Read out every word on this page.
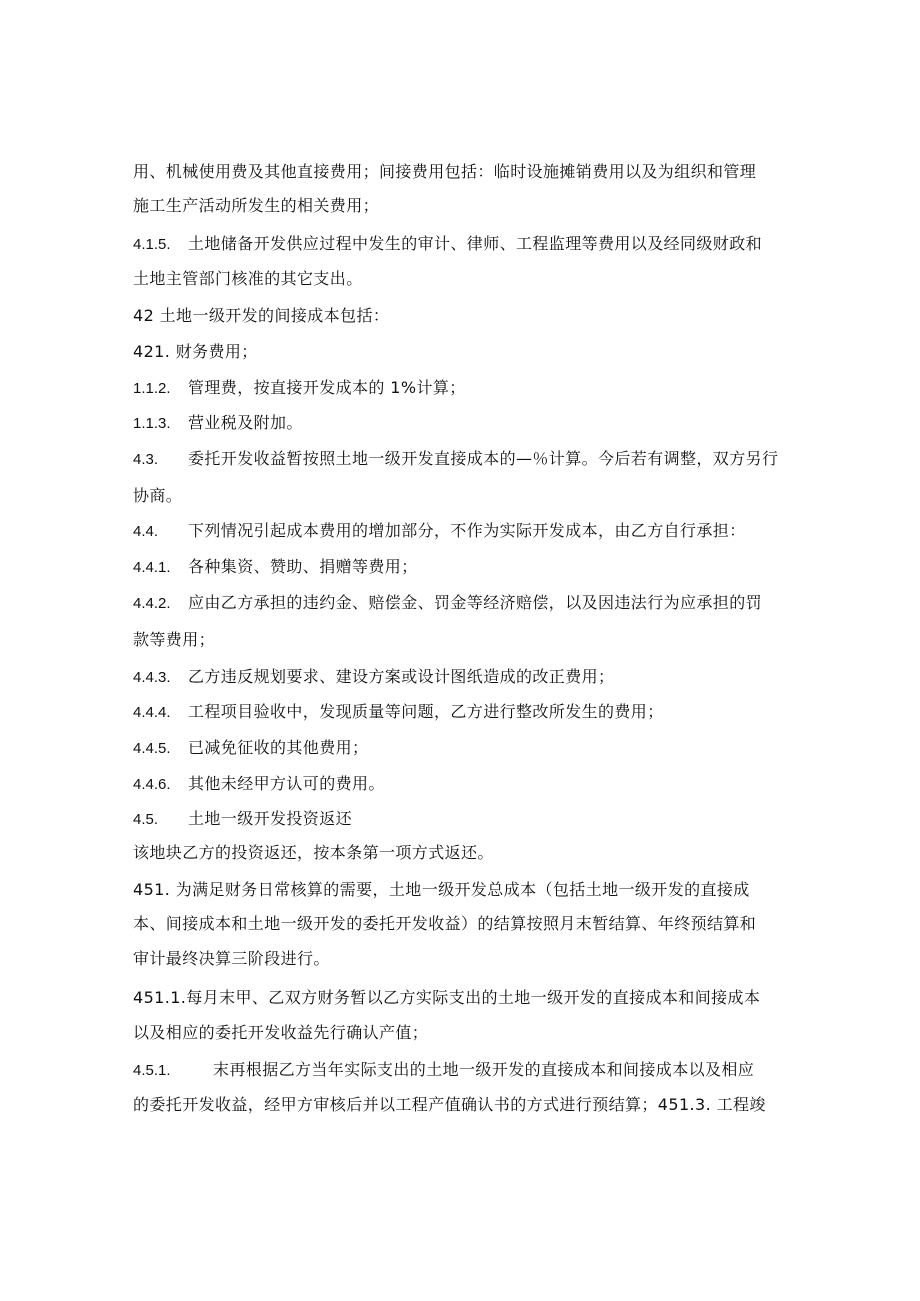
用、机械使用费及其他直接费用；间接费用包括：临时设施摊销费用以及为组织和管理
施工生产活动所发生的相关费用；
4.1.5. 土地储备开发供应过程中发生的审计、律师、工程监理等费用以及经同级财政和
土地主管部门核准的其它支出。
42 土地一级开发的间接成本包括：
421. 财务费用；
1.1.2. 管理费，按直接开发成本的 1%计算；
1.1.3. 营业税及附加。
4.3. 委托开发收益暂按照土地一级开发直接成本的—％计算。今后若有调整，双方另行
协商。
4.4. 下列情况引起成本费用的增加部分，不作为实际开发成本，由乙方自行承担：
4.4.1. 各种集资、赞助、捐赠等费用；
4.4.2. 应由乙方承担的违约金、赔偿金、罚金等经济赔偿，以及因违法行为应承担的罚
款等费用；
4.4.3. 乙方违反规划要求、建设方案或设计图纸造成的改正费用；
4.4.4. 工程项目验收中，发现质量等问题，乙方进行整改所发生的费用；
4.4.5. 已减免征收的其他费用；
4.4.6. 其他未经甲方认可的费用。
4.5. 土地一级开发投资返还
该地块乙方的投资返还，按本条第一项方式返还。
451. 为满足财务日常核算的需要，土地一级开发总成本（包括土地一级开发的直接成
本、间接成本和土地一级开发的委托开发收益）的结算按照月末暂结算、年终预结算和
审计最终决算三阶段进行。
451.1.每月末甲、乙双方财务暂以乙方实际支出的土地一级开发的直接成本和间接成本
以及相应的委托开发收益先行确认产值；
4.5.1.	末再根据乙方当年实际支出的土地一级开发的直接成本和间接成本以及相应
的委托开发收益，经甲方审核后并以工程产值确认书的方式进行预结算；451.3. 工程竣
